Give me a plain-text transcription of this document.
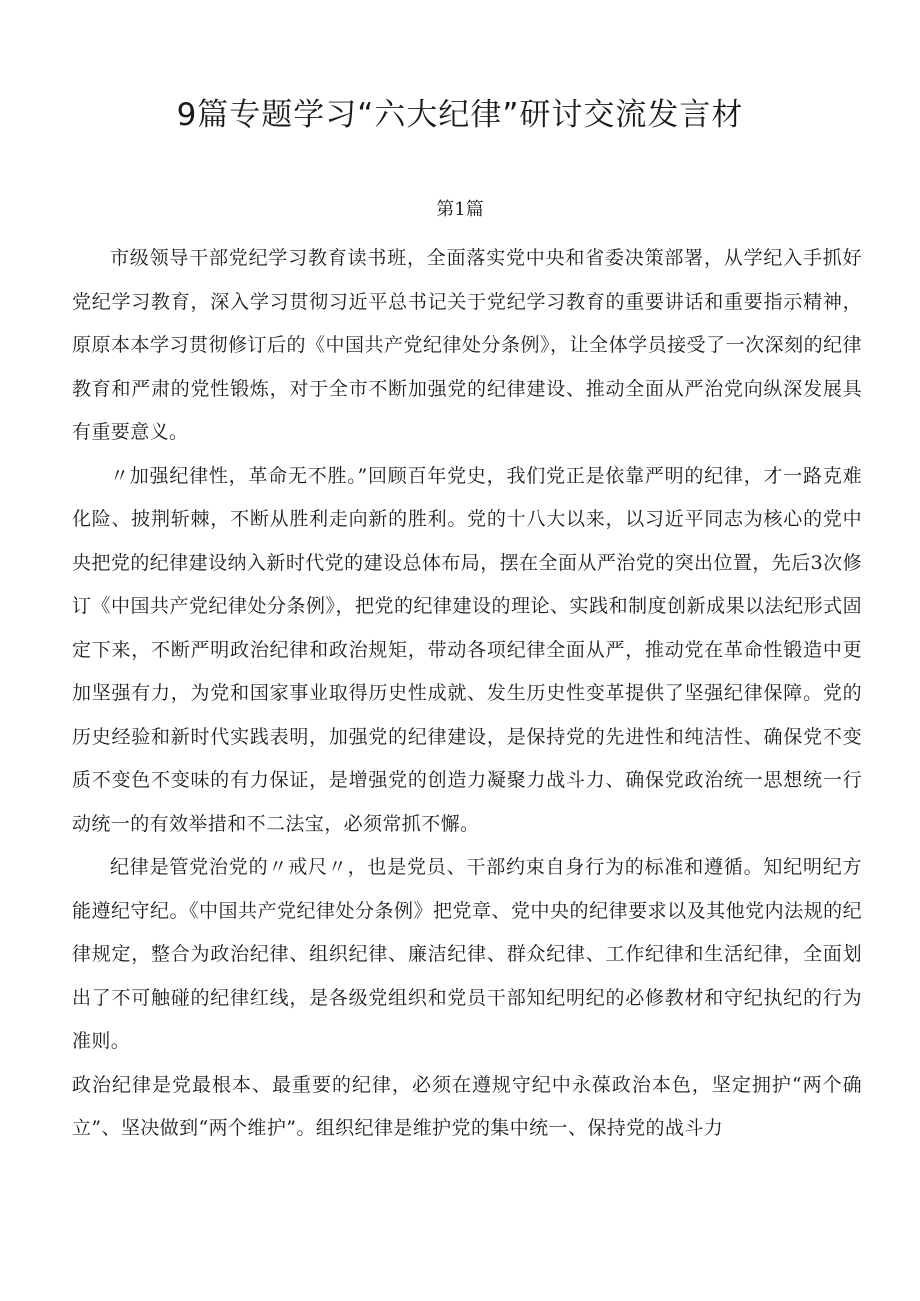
9篇专题学习“六大纪律”研讨交流发言材
第1篇

市级领导干部党纪学习教育读书班，全面落实党中央和省委决策部署，从学纪入手抓好党纪学习教育，深入学习贯彻习近平总书记关于党纪学习教育的重要讲话和重要指示精神，原原本本学习贯彻修订后的《中国共产党纪律处分条例》，让全体学员接受了一次深刻的纪律教育和严肃的党性锻炼，对于全市不断加强党的纪律建设、推动全面从严治党向纵深发展具有重要意义。

〃加强纪律性，革命无不胜。”回顾百年党史，我们党正是依靠严明的纪律，才一路克难化险、披荆斩棘，不断从胜利走向新的胜利。党的十八大以来，以习近平同志为核心的党中央把党的纪律建设纳入新时代党的建设总体布局，摆在全面从严治党的突出位置，先后3次修订《中国共产党纪律处分条例》，把党的纪律建设的理论、实践和制度创新成果以法纪形式固定下来，不断严明政治纪律和政治规矩，带动各项纪律全面从严，推动党在革命性锻造中更加坚强有力，为党和国家事业取得历史性成就、发生历史性变革提供了坚强纪律保障。党的历史经验和新时代实践表明，加强党的纪律建设，是保持党的先进性和纯洁性、确保党不变质不变色不变味的有力保证，是增强党的创造力凝聚力战斗力、确保党政治统一思想统一行动统一的有效举措和不二法宝，必须常抓不懈。

纪律是管党治党的〃戒尺〃，也是党员、干部约束自身行为的标准和遵循。知纪明纪方能遵纪守纪。《中国共产党纪律处分条例》把党章、党中央的纪律要求以及其他党内法规的纪律规定，整合为政治纪律、组织纪律、廉洁纪律、群众纪律、工作纪律和生活纪律，全面划出了不可触碰的纪律红线，是各级党组织和党员干部知纪明纪的必修教材和守纪执纪的行为准则。

政治纪律是党最根本、最重要的纪律，必须在遵规守纪中永葆政治本色，坚定拥护“两个确立”、坚决做到“两个维护”。组织纪律是维护党的集中统一、保持党的战斗力
